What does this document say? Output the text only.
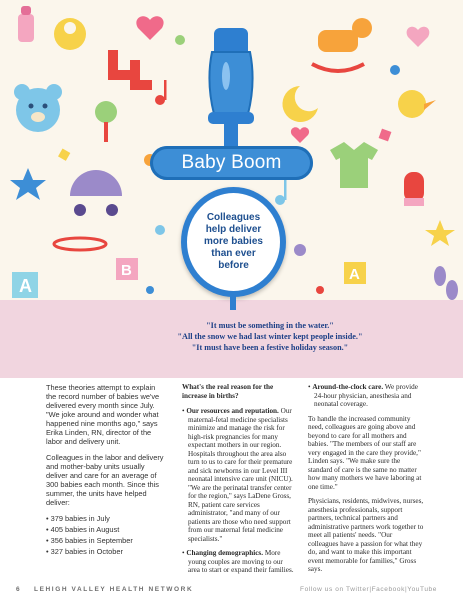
A
B	A
Baby Boom
Colleagues help deliver more babies than ever before
"It must be something in the water."
"All the snow we had last winter kept people inside."
"It must have been a festive holiday season."

These theories attempt to explain the record number of babies we've delivered every month since July. "We joke around and wonder what happened nine months ago," says Erika Linden, RN, director of the labor and delivery unit.

Colleagues in the labor and delivery and mother-baby units usually deliver and care for an average of 300 babies each month. Since this summer, the units have helped deliver:

• 379 babies in July
• 405 babies in August
• 356 babies in September
• 327 babies in October

What's the real reason for the increase in births?

• Our resources and reputation. Our maternal-fetal medicine specialists minimize and manage the risk for high-risk pregnancies for many expectant mothers in our region. Hospitals throughout the area also turn to us to care for their premature and sick newborns in our Level III neonatal intensive care unit (NICU). "We are the perinatal transfer center for the region," says LaDene Gross, RN, patient care services administrator, "and many of our patients are those who need support from our maternal fetal medicine specialists."
• Changing demographics. More young couples are moving to our area to start or expand their families.
• Around-the-clock care. We provide 24-hour physician, anesthesia and neonatal coverage.

To handle the increased community need, colleagues are going above and beyond to care for all mothers and babies. "The members of our staff are very engaged in the care they provide," Linden says. "We make sure the standard of care is the same no matter how many mothers we have laboring at one time."

Physicians, residents, midwives, nurses, anesthesia professionals, support partners, technical partners and administrative partners work together to meet all patients' needs. "Our colleagues have a passion for what they do, and want to make this important event memorable for families," Gross says.

6 LEHIGH VALLEY HEALTH NETWORK	Follow us on Twitter|Facebook|YouTube
